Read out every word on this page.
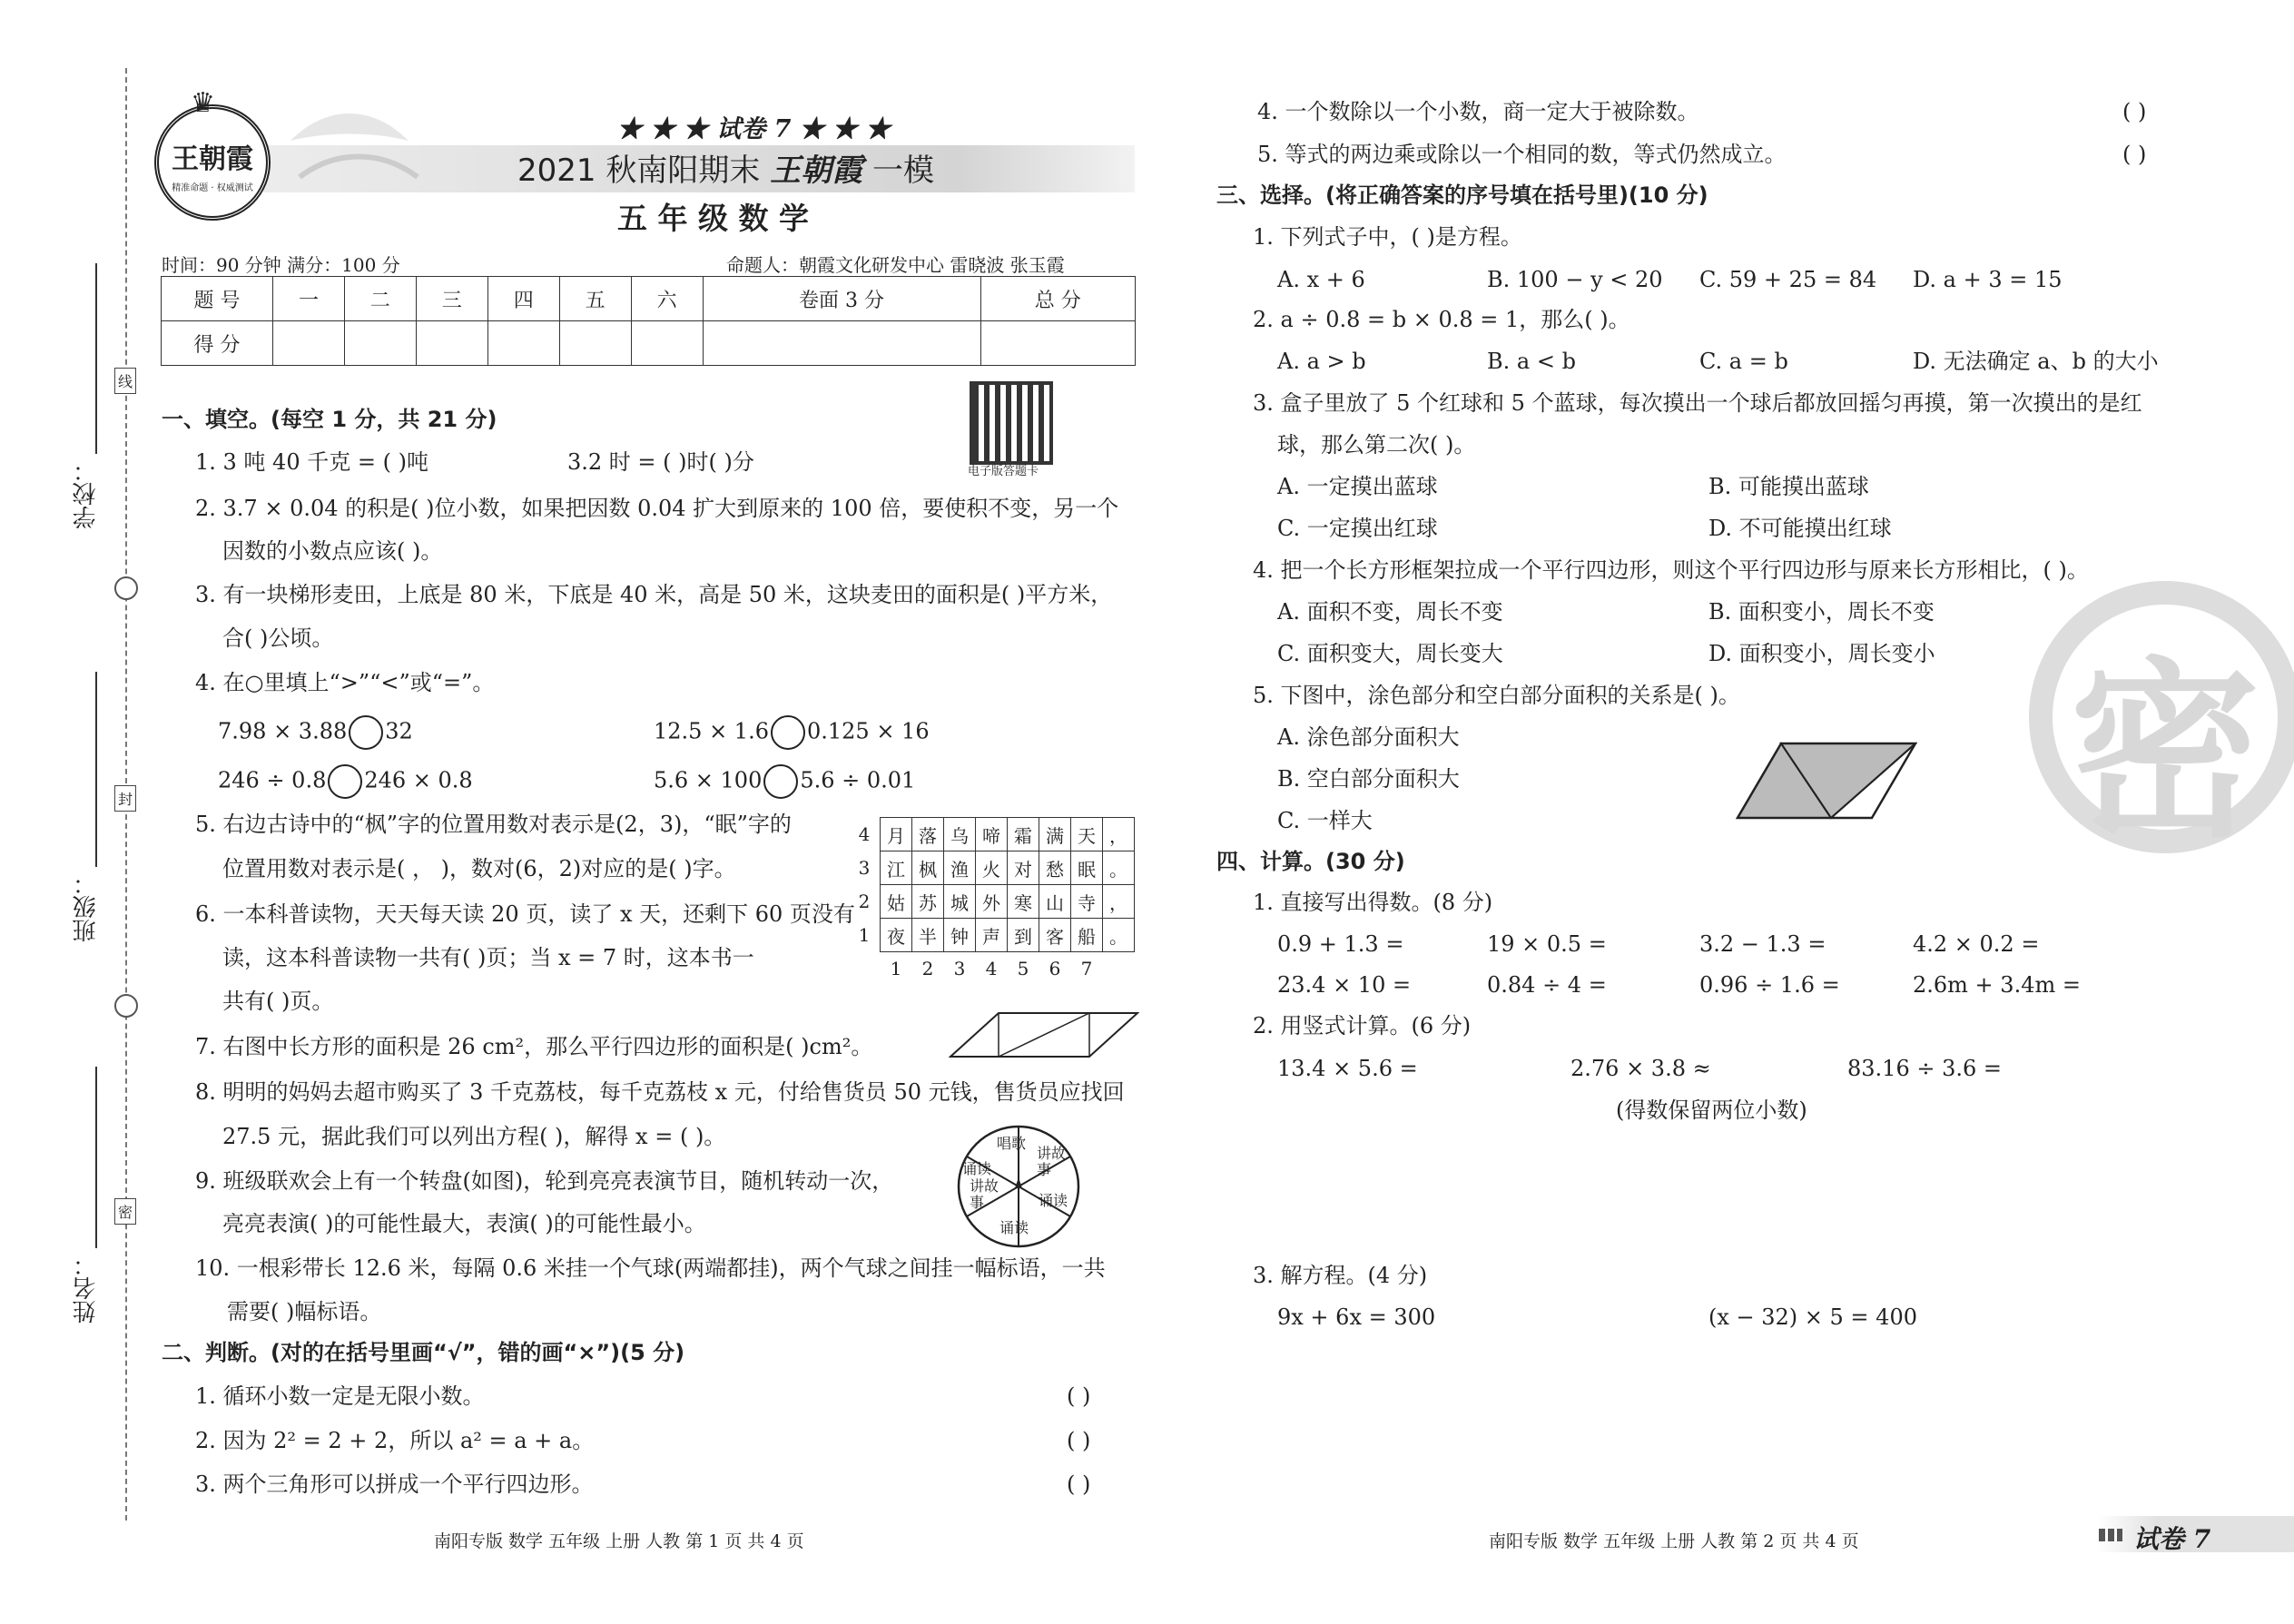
学校：
班级：
姓名：
线
封
密
王朝霞
精准命题 · 权威测试
♛
★ ★ ★ 试卷 7 ★ ★ ★
2021 秋南阳期末 王朝霞 一模
五 年 级 数 学
时间：90 分钟 满分：100 分	命题人：朝霞文化研发中心 雷晓波 张玉霞
题 号	一	二	三	四	五	六	卷面 3 分	总 分
得 分								
电子版答题卡
一、填空。(每空 1 分，共 21 分)
1. 3 吨 40 千克 = ( )吨	3.2 时 = ( )时( )分
2. 3.7 × 0.04 的积是( )位小数，如果把因数 0.04 扩大到原来的 100 倍，要使积不变，另一个
因数的小数点应该( )。
3. 有一块梯形麦田，上底是 80 米，下底是 40 米，高是 50 米，这块麦田的面积是( )平方米，
合( )公顷。
4. 在○里填上“>”“<”或“=”。
7.98 × 3.88 32	12.5 × 1.6 0.125 × 16
246 ÷ 0.8 246 × 0.8	5.6 × 100 5.6 ÷ 0.01
5. 右边古诗中的“枫”字的位置用数对表示是(2，3)，“眠”字的
位置用数对表示是( ， )，数对(6，2)对应的是( )字。
4	月	落	乌	啼	霜	满	天	，
3	江	枫	渔	火	对	愁	眠	。
2	姑	苏	城	外	寒	山	寺	，
1	夜	半	钟	声	到	客	船	。
	1	2	3	4	5	6	7	
6. 一本科普读物，天天每天读 20 页，读了 x 天，还剩下 60 页没有
读，这本科普读物一共有( )页；当 x = 7 时，这本书一
共有( )页。
7. 右图中长方形的面积是 26 cm²，那么平行四边形的面积是( )cm²。
8. 明明的妈妈去超市购买了 3 千克荔枝，每千克荔枝 x 元，付给售货员 50 元钱，售货员应找回
27.5 元，据此我们可以列出方程( )，解得 x = ( )。
9. 班级联欢会上有一个转盘(如图)，轮到亮亮表演节目，随机转动一次，
亮亮表演( )的可能性最大，表演( )的可能性最小。
唱歌
讲故事
诵读
诵读
讲故事
诵读
10. 一根彩带长 12.6 米，每隔 0.6 米挂一个气球(两端都挂)，两个气球之间挂一幅标语，一共
需要( )幅标语。
二、判断。(对的在括号里画“√”，错的画“×”)(5 分)
1. 循环小数一定是无限小数。	( )
2. 因为 2² = 2 + 2，所以 a² = a + a。	( )
3. 两个三角形可以拼成一个平行四边形。	( )
南阳专版 数学 五年级 上册 人教 第 1 页 共 4 页
4. 一个数除以一个小数，商一定大于被除数。	( )
5. 等式的两边乘或除以一个相同的数，等式仍然成立。	( )
三、选择。(将正确答案的序号填在括号里)(10 分)
1. 下列式子中，( )是方程。
A. x + 6	B. 100 − y < 20 C. 59 + 25 = 84 D. a + 3 = 15
2. a ÷ 0.8 = b × 0.8 = 1，那么( )。
A. a > b	B. a < b	C. a = b	D. 无法确定 a、b 的大小
3. 盒子里放了 5 个红球和 5 个蓝球，每次摸出一个球后都放回摇匀再摸，第一次摸出的是红
球，那么第二次( )。
A. 一定摸出蓝球	B. 可能摸出蓝球
C. 一定摸出红球	D. 不可能摸出红球
4. 把一个长方形框架拉成一个平行四边形，则这个平行四边形与原来长方形相比，( )。
A. 面积不变，周长不变	B. 面积变小，周长不变
C. 面积变大，周长变大	D. 面积变小，周长变小
5. 下图中，涂色部分和空白部分面积的关系是( )。
A. 涂色部分面积大
B. 空白部分面积大
C. 一样大	密
四、计算。(30 分)
1. 直接写出得数。(8 分)
0.9 + 1.3 =	19 × 0.5 =	3.2 − 1.3 =	4.2 × 0.2 =
23.4 × 10 =	0.84 ÷ 4 =	0.96 ÷ 1.6 =	2.6m + 3.4m =
2. 用竖式计算。(6 分)
13.4 × 5.6 =	2.76 × 3.8 ≈	83.16 ÷ 3.6 =
(得数保留两位小数)
3. 解方程。(4 分)
9x + 6x = 300	(x − 32) × 5 = 400
南阳专版 数学 五年级 上册 人教 第 2 页 共 4 页	试卷 7
